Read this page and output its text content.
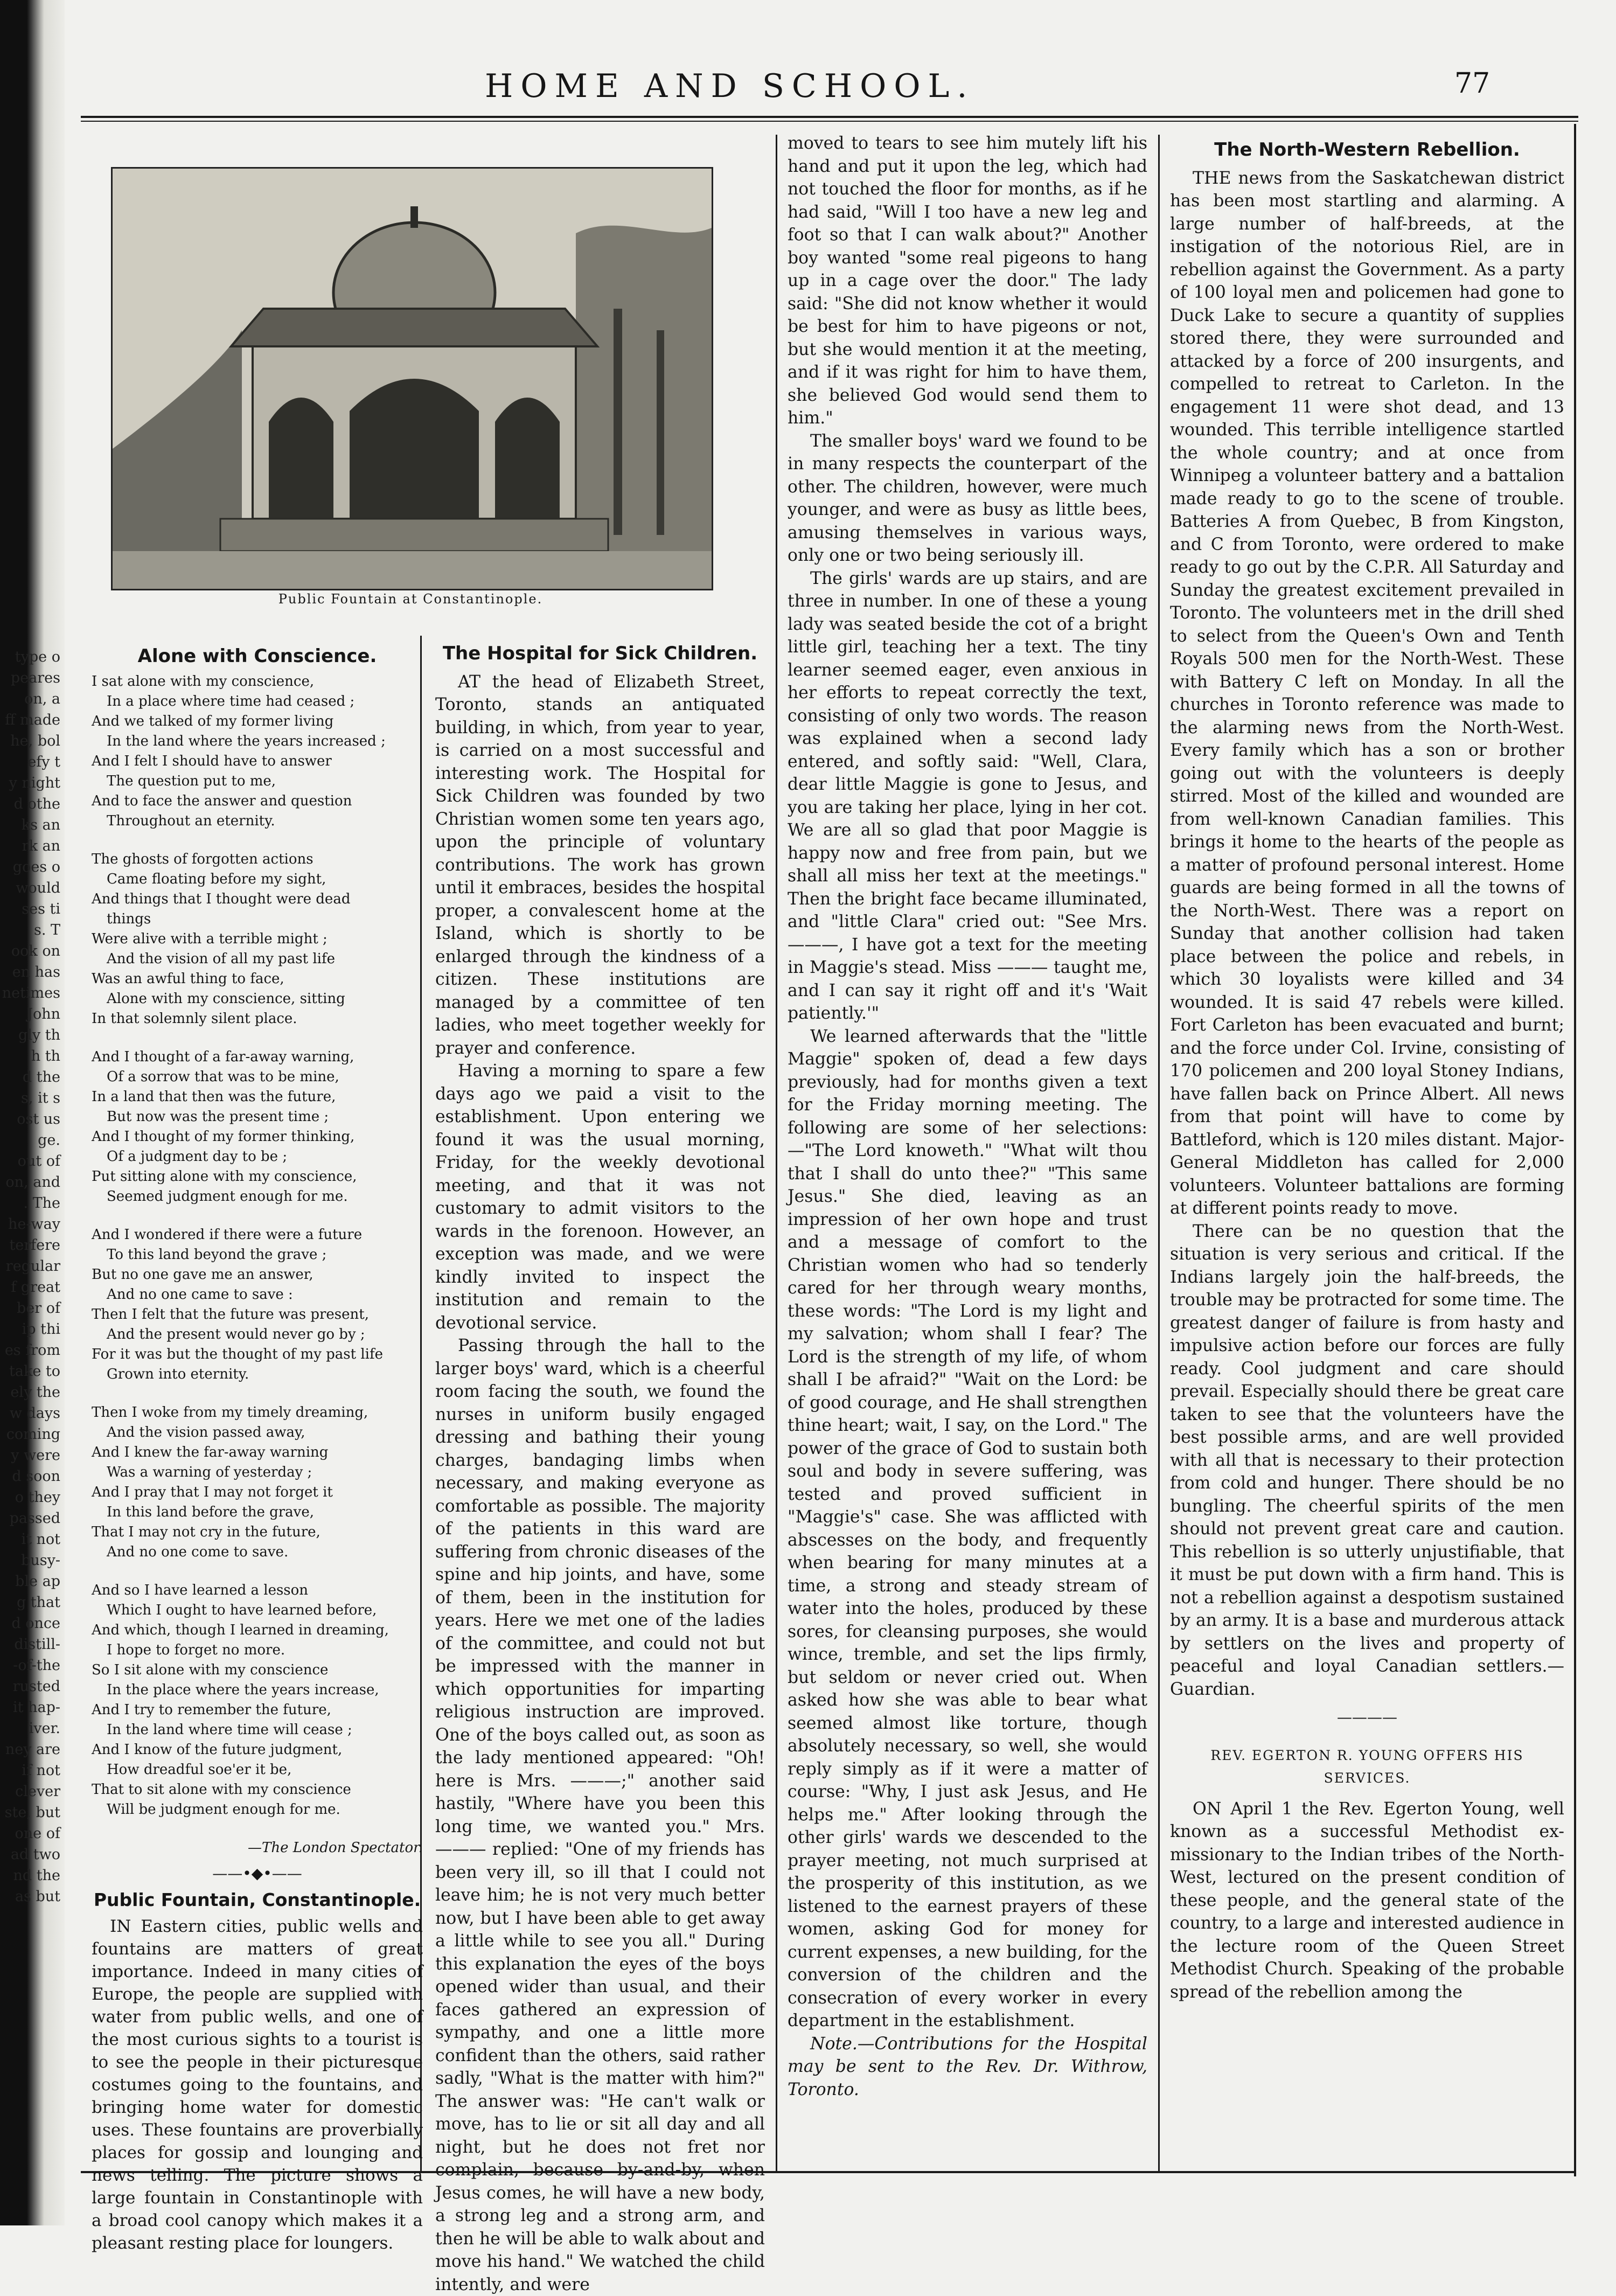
type o
peares
on, a
ff made
he, bol
efy t
y night
d othe
ks an
rk an
goes o
would
ses ti
s. T
ook on
en has
netimes
John
gly th
h th
d the
s, it s
ost us
ge.
out of
on, and
. The
he-way
terfere
regular
f great
ber of
ip thi
es from
take to
ely the
w days
coming
y were
d soon
o they
passed
it not
busy-
ble ap
g that
d once
distill-
-of-the
rusted
it hap-
iver.
ney are
if not
clever
ste, but
one of
ad two
nd the
as but
HOME AND SCHOOL.	77
Public Fountain at Constantinople.
Alone with Conscience.
I sat alone with my conscience,
In a place where time had ceased ;
And we talked of my former living
In the land where the years increased ;
And I felt I should have to answer
The question put to me,
And to face the answer and question
Throughout an eternity.
The ghosts of forgotten actions
Came floating before my sight,
And things that I thought were dead
things
Were alive with a terrible might ;
And the vision of all my past life
Was an awful thing to face,
Alone with my conscience, sitting
In that solemnly silent place.
And I thought of a far-away warning,
Of a sorrow that was to be mine,
In a land that then was the future,
But now was the present time ;
And I thought of my former thinking,
Of a judgment day to be ;
Put sitting alone with my conscience,
Seemed judgment enough for me.
And I wondered if there were a future
To this land beyond the grave ;
But no one gave me an answer,
And no one came to save :
Then I felt that the future was present,
And the present would never go by ;
For it was but the thought of my past life
Grown into eternity.
Then I woke from my timely dreaming,
And the vision passed away,
And I knew the far-away warning
Was a warning of yesterday ;
And I pray that I may not forget it
In this land before the grave,
That I may not cry in the future,
And no one come to save.
And so I have learned a lesson
Which I ought to have learned before,
And which, though I learned in dreaming,
I hope to forget no more.
So I sit alone with my conscience
In the place where the years increase,
And I try to remember the future,
In the land where time will cease ;
And I know of the future judgment,
How dreadful soe'er it be,
That to sit alone with my conscience
Will be judgment enough for me.
—The London Spectator.
——•◆•——
Public Fountain, Constantinople.

IN Eastern cities, public wells and fountains are matters of great importance. Indeed in many cities of Europe, the people are supplied with water from public wells, and one of the most curious sights to a tourist is to see the people in their picturesque costumes going to the fountains, and bringing home water for domestic uses. These fountains are proverbially places for gossip and lounging and news telling. The picture shows a large fountain in Constantinople with a broad cool canopy which makes it a pleasant resting place for loungers.

The Hospital for Sick Children.

AT the head of Elizabeth Street, Toronto, stands an antiquated building, in which, from year to year, is carried on a most successful and interesting work. The Hospital for Sick Children was founded by two Christian women some ten years ago, upon the principle of voluntary contributions. The work has grown until it embraces, besides the hospital proper, a convalescent home at the Island, which is shortly to be enlarged through the kindness of a citizen. These institutions are managed by a committee of ten ladies, who meet together weekly for prayer and conference.

Having a morning to spare a few days ago we paid a visit to the establishment. Upon entering we found it was the usual morning, Friday, for the weekly devotional meeting, and that it was not customary to admit visitors to the wards in the forenoon. However, an exception was made, and we were kindly invited to inspect the institution and remain to the devotional service.

Passing through the hall to the larger boys' ward, which is a cheerful room facing the south, we found the nurses in uniform busily engaged dressing and bathing their young charges, bandaging limbs when necessary, and making everyone as comfortable as possible. The majority of the patients in this ward are suffering from chronic diseases of the spine and hip joints, and have, some of them, been in the institution for years. Here we met one of the ladies of the committee, and could not but be impressed with the manner in which opportunities for imparting religious instruction are improved. One of the boys called out, as soon as the lady mentioned appeared: "Oh! here is Mrs. ———;" another said hastily, "Where have you been this long time, we wanted you." Mrs. ——— replied: "One of my friends has been very ill, so ill that I could not leave him; he is not very much better now, but I have been able to get away a little while to see you all." During this explanation the eyes of the boys opened wider than usual, and their faces gathered an expression of sympathy, and one a little more confident than the others, said rather sadly, "What is the matter with him?" The answer was: "He can't walk or move, has to lie or sit all day and all night, but he does not fret nor complain, because by-and-by, when Jesus comes, he will have a new body, a strong leg and a strong arm, and then he will be able to walk about and move his hand." We watched the child intently, and were

moved to tears to see him mutely lift his hand and put it upon the leg, which had not touched the floor for months, as if he had said, "Will I too have a new leg and foot so that I can walk about?" Another boy wanted "some real pigeons to hang up in a cage over the door." The lady said: "She did not know whether it would be best for him to have pigeons or not, but she would mention it at the meeting, and if it was right for him to have them, she believed God would send them to him."

The smaller boys' ward we found to be in many respects the counterpart of the other. The children, however, were much younger, and were as busy as little bees, amusing themselves in various ways, only one or two being seriously ill.

The girls' wards are up stairs, and are three in number. In one of these a young lady was seated beside the cot of a bright little girl, teaching her a text. The tiny learner seemed eager, even anxious in her efforts to repeat correctly the text, consisting of only two words. The reason was explained when a second lady entered, and softly said: "Well, Clara, dear little Maggie is gone to Jesus, and you are taking her place, lying in her cot. We are all so glad that poor Maggie is happy now and free from pain, but we shall all miss her text at the meetings." Then the bright face became illuminated, and "little Clara" cried out: "See Mrs. ———, I have got a text for the meeting in Maggie's stead. Miss ——— taught me, and I can say it right off and it's 'Wait patiently.'"

We learned afterwards that the "little Maggie" spoken of, dead a few days previously, had for months given a text for the Friday morning meeting. The following are some of her selections:—"The Lord knoweth." "What wilt thou that I shall do unto thee?" "This same Jesus." She died, leaving as an impression of her own hope and trust and a message of comfort to the Christian women who had so tenderly cared for her through weary months, these words: "The Lord is my light and my salvation; whom shall I fear? The Lord is the strength of my life, of whom shall I be afraid?" "Wait on the Lord: be of good courage, and He shall strengthen thine heart; wait, I say, on the Lord." The power of the grace of God to sustain both soul and body in severe suffering, was tested and proved sufficient in "Maggie's" case. She was afflicted with abscesses on the body, and frequently when bearing for many minutes at a time, a strong and steady stream of water into the holes, produced by these sores, for cleansing purposes, she would wince, tremble, and set the lips firmly, but seldom or never cried out. When asked how she was able to bear what seemed almost like torture, though absolutely necessary, so well, she would reply simply as if it were a matter of course: "Why, I just ask Jesus, and He helps me." After looking through the other girls' wards we descended to the prayer meeting, not much surprised at the prosperity of this institution, as we listened to the earnest prayers of these women, asking God for money for current expenses, a new building, for the conversion of the children and the consecration of every worker in every department in the establishment.

Note.—Contributions for the Hospital may be sent to the Rev. Dr. Withrow, Toronto.

The North-Western Rebellion.

THE news from the Saskatchewan district has been most startling and alarming. A large number of half-breeds, at the instigation of the notorious Riel, are in rebellion against the Government. As a party of 100 loyal men and policemen had gone to Duck Lake to secure a quantity of supplies stored there, they were surrounded and attacked by a force of 200 insurgents, and compelled to retreat to Carleton. In the engagement 11 were shot dead, and 13 wounded. This terrible intelligence startled the whole country; and at once from Winnipeg a volunteer battery and a battalion made ready to go to the scene of trouble. Batteries A from Quebec, B from Kingston, and C from Toronto, were ordered to make ready to go out by the C.P.R. All Saturday and Sunday the greatest excitement prevailed in Toronto. The volunteers met in the drill shed to select from the Queen's Own and Tenth Royals 500 men for the North-West. These with Battery C left on Monday. In all the churches in Toronto reference was made to the alarming news from the North-West. Every family which has a son or brother going out with the volunteers is deeply stirred. Most of the killed and wounded are from well-known Canadian families. This brings it home to the hearts of the people as a matter of profound personal interest. Home guards are being formed in all the towns of the North-West. There was a report on Sunday that another collision had taken place between the police and rebels, in which 30 loyalists were killed and 34 wounded. It is said 47 rebels were killed. Fort Carleton has been evacuated and burnt; and the force under Col. Irvine, consisting of 170 policemen and 200 loyal Stoney Indians, have fallen back on Prince Albert. All news from that point will have to come by Battleford, which is 120 miles distant. Major-General Middleton has called for 2,000 volunteers. Volunteer battalions are forming at different points ready to move.

There can be no question that the situation is very serious and critical. If the Indians largely join the half-breeds, the trouble may be protracted for some time. The greatest danger of failure is from hasty and impulsive action before our forces are fully ready. Cool judgment and care should prevail. Especially should there be great care taken to see that the volunteers have the best possible arms, and are well provided with all that is necessary to their protection from cold and hunger. There should be no bungling. The cheerful spirits of the men should not prevent great care and caution. This rebellion is so utterly unjustifiable, that it must be put down with a firm hand. This is not a rebellion against a despotism sustained by an army. It is a base and murderous attack by settlers on the lives and property of peaceful and loyal Canadian settlers.—Guardian.

————
REV. EGERTON R. YOUNG OFFERS HIS SERVICES.

ON April 1 the Rev. Egerton Young, well known as a successful Methodist ex-missionary to the Indian tribes of the North-West, lectured on the present condition of these people, and the general state of the country, to a large and interested audience in the lecture room of the Queen Street Methodist Church. Speaking of the probable spread of the rebellion among the
